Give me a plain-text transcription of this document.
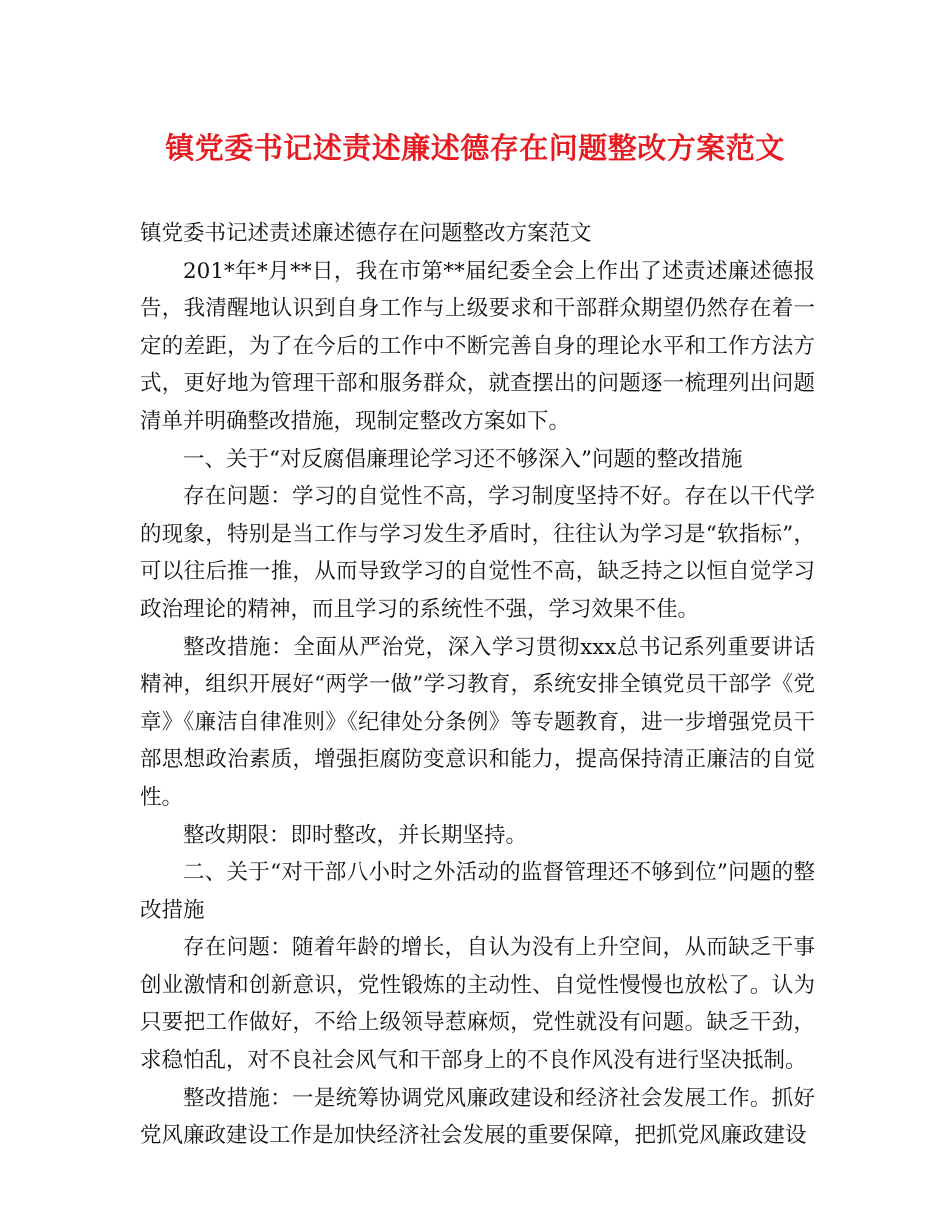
镇党委书记述责述廉述德存在问题整改方案范文

镇党委书记述责述廉述德存在问题整改方案范文

201*年*月**日，我在市第**届纪委全会上作出了述责述廉述德报告，我清醒地认识到自身工作与上级要求和干部群众期望仍然存在着一定的差距，为了在今后的工作中不断完善自身的理论水平和工作方法方式，更好地为管理干部和服务群众，就查摆出的问题逐一梳理列出问题清单并明确整改措施，现制定整改方案如下。

一、关于“对反腐倡廉理论学习还不够深入”问题的整改措施

存在问题：学习的自觉性不高，学习制度坚持不好。存在以干代学的现象，特别是当工作与学习发生矛盾时，往往认为学习是“软指标”，可以往后推一推，从而导致学习的自觉性不高，缺乏持之以恒自觉学习政治理论的精神，而且学习的系统性不强，学习效果不佳。

整改措施：全面从严治党，深入学习贯彻xxx总书记系列重要讲话精神，组织开展好“两学一做”学习教育，系统安排全镇党员干部学《党章》《廉洁自律准则》《纪律处分条例》等专题教育，进一步增强党员干部思想政治素质，增强拒腐防变意识和能力，提高保持清正廉洁的自觉性。

整改期限：即时整改，并长期坚持。

二、关于“对干部八小时之外活动的监督管理还不够到位”问题的整改措施

存在问题：随着年龄的增长，自认为没有上升空间，从而缺乏干事创业激情和创新意识，党性锻炼的主动性、自觉性慢慢也放松了。认为只要把工作做好，不给上级领导惹麻烦，党性就没有问题。缺乏干劲，求稳怕乱，对不良社会风气和干部身上的不良作风没有进行坚决抵制。

整改措施：一是统筹协调党风廉政建设和经济社会发展工作。抓好党风廉政建设工作是加快经济社会发展的重要保障，把抓党风廉政建设
